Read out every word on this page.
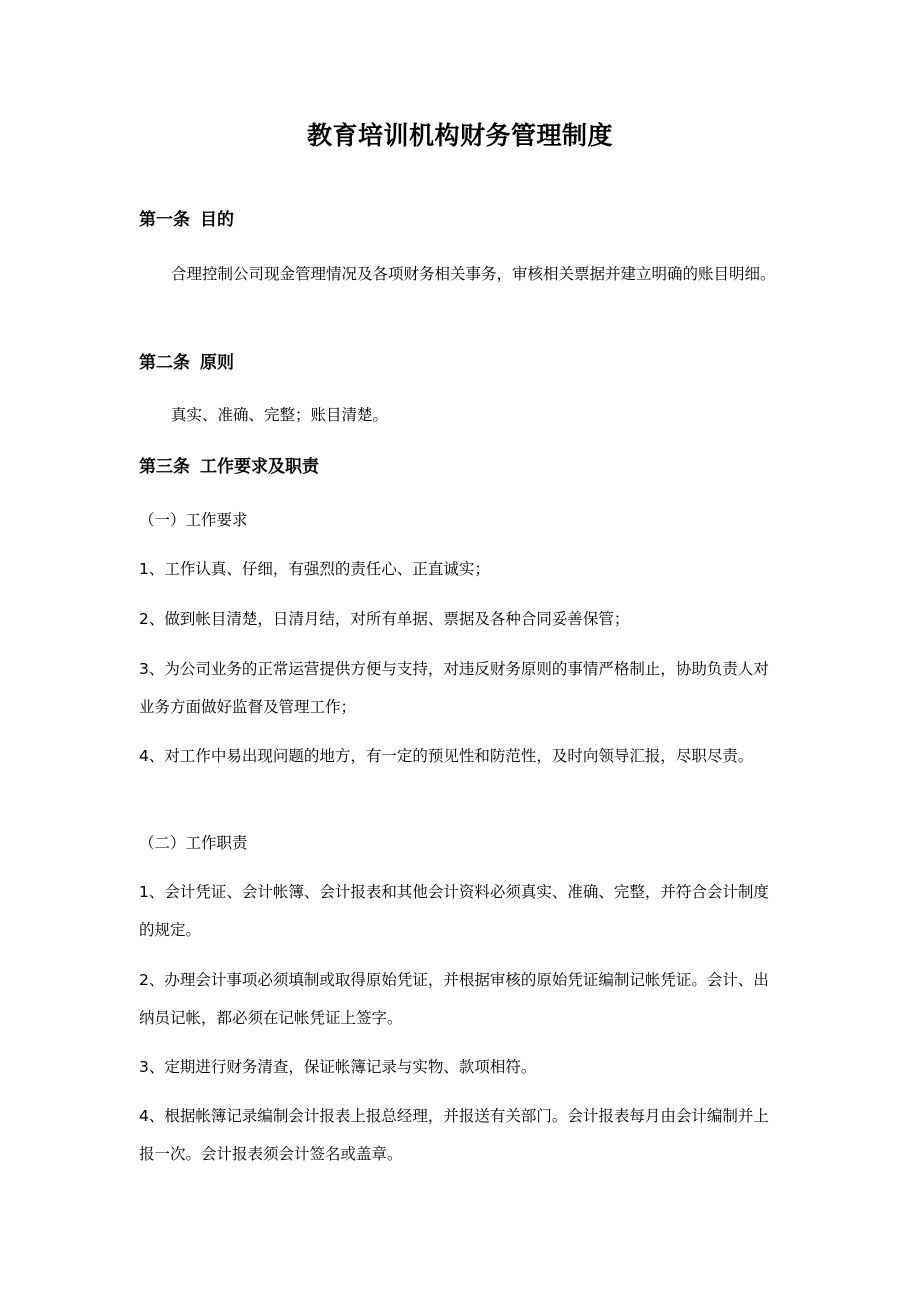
教育培训机构财务管理制度
第一条 目的
合理控制公司现金管理情况及各项财务相关事务，审核相关票据并建立明确的账目明细。
第二条 原则
真实、准确、完整；账目清楚。
第三条 工作要求及职责
（一）工作要求
1、工作认真、仔细，有强烈的责任心、正直诚实；
2、做到帐目清楚，日清月结，对所有单据、票据及各种合同妥善保管；
3、为公司业务的正常运营提供方便与支持，对违反财务原则的事情严格制止，协助负责人对业务方面做好监督及管理工作；
4、对工作中易出现问题的地方，有一定的预见性和防范性，及时向领导汇报，尽职尽责。
（二）工作职责
1、会计凭证、会计帐簿、会计报表和其他会计资料必须真实、准确、完整，并符合会计制度的规定。
2、办理会计事项必须填制或取得原始凭证，并根据审核的原始凭证编制记帐凭证。会计、出纳员记帐，都必须在记帐凭证上签字。
3、定期进行财务清查，保证帐簿记录与实物、款项相符。
4、根据帐簿记录编制会计报表上报总经理，并报送有关部门。会计报表每月由会计编制并上报一次。会计报表须会计签名或盖章。
